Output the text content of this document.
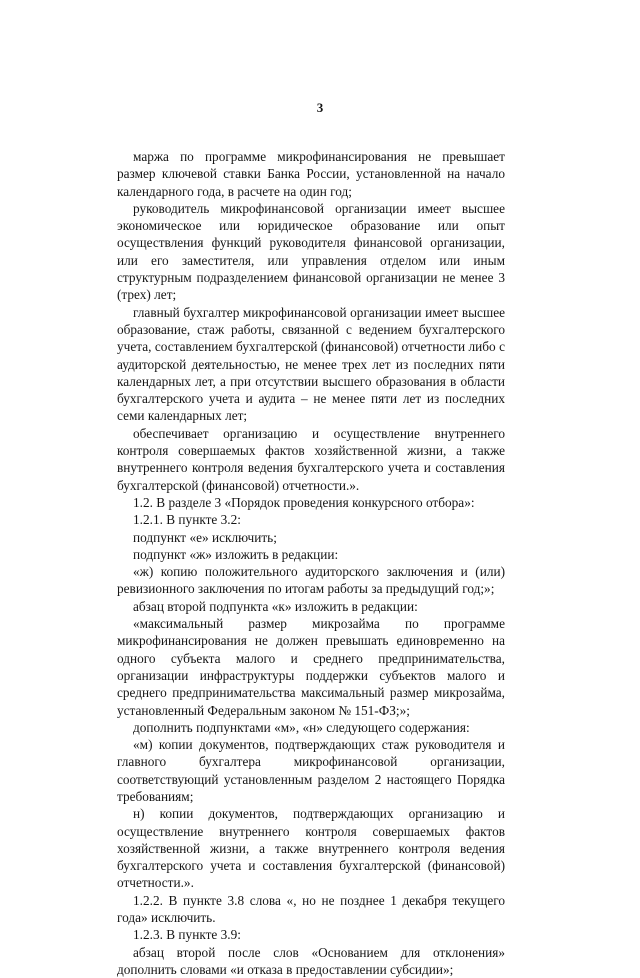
3

маржа по программе микрофинансирования не превышает размер ключевой ставки Банка России, установленной на начало календарного года, в расчете на один год;

руководитель микрофинансовой организации имеет высшее экономическое или юридическое образование или опыт осуществления функций руководителя финансовой организации, или его заместителя, или управления отделом или иным структурным подразделением финансовой организации не менее 3 (трех) лет;

главный бухгалтер микрофинансовой организации имеет высшее образование, стаж работы, связанной с ведением бухгалтерского учета, составлением бухгалтерской (финансовой) отчетности либо с аудиторской деятельностью, не менее трех лет из последних пяти календарных лет, а при отсутствии высшего образования в области бухгалтерского учета и аудита – не менее пяти лет из последних семи календарных лет;

обеспечивает организацию и осуществление внутреннего контроля совершаемых фактов хозяйственной жизни, а также внутреннего контроля ведения бухгалтерского учета и составления бухгалтерской (финансовой) отчетности.».

1.2. В разделе 3 «Порядок проведения конкурсного отбора»:

1.2.1. В пункте 3.2:

подпункт «е» исключить;

подпункт «ж» изложить в редакции:

«ж) копию положительного аудиторского заключения и (или) ревизионного заключения по итогам работы за предыдущий год;»;

абзац второй подпункта «к» изложить в редакции:

«максимальный размер микрозайма по программе микрофинансирования не должен превышать единовременно на одного субъекта малого и среднего предпринимательства, организации инфраструктуры поддержки субъектов малого и среднего предпринимательства максимальный размер микрозайма, установленный Федеральным законом № 151-ФЗ;»;

дополнить подпунктами «м», «н» следующего содержания:

«м) копии документов, подтверждающих стаж руководителя и главного бухгалтера микрофинансовой организации, соответствующий установленным разделом 2 настоящего Порядка требованиям;

н) копии документов, подтверждающих организацию и осуществление внутреннего контроля совершаемых фактов хозяйственной жизни, а также внутреннего контроля ведения бухгалтерского учета и составления бухгалтерской (финансовой) отчетности.».

1.2.2. В пункте 3.8 слова «, но не позднее 1 декабря текущего года» исключить.

1.2.3. В пункте 3.9:

абзац второй после слов «Основанием для отклонения» дополнить словами «и отказа в предоставлении субсидии»;
